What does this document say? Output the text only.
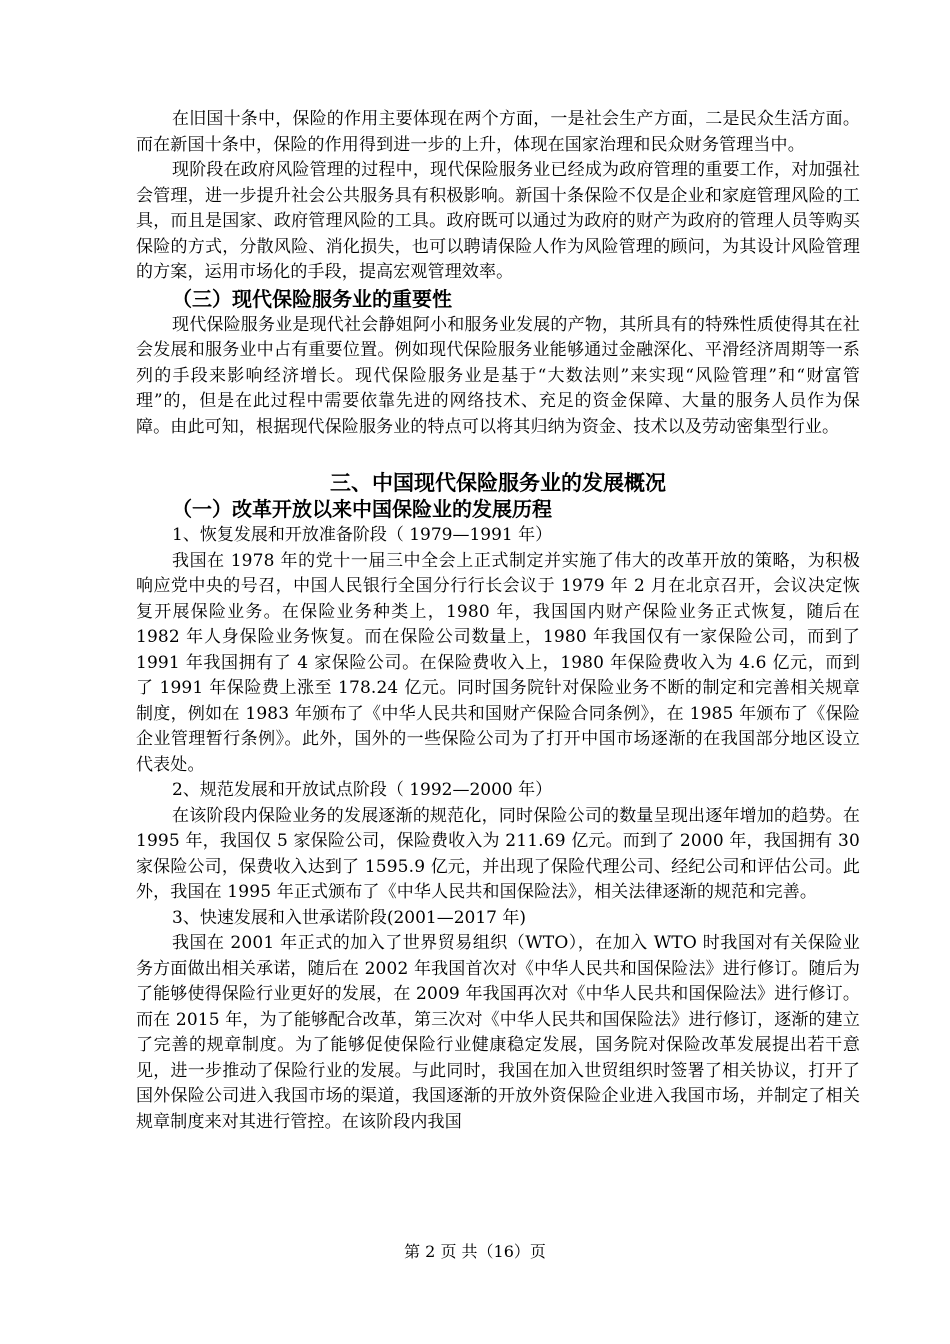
在旧国十条中，保险的作用主要体现在两个方面，一是社会生产方面，二是民众生活方面。而在新国十条中，保险的作用得到进一步的上升，体现在国家治理和民众财务管理当中。

现阶段在政府风险管理的过程中，现代保险服务业已经成为政府管理的重要工作，对加强社会管理，进一步提升社会公共服务具有积极影响。新国十条保险不仅是企业和家庭管理风险的工具，而且是国家、政府管理风险的工具。政府既可以通过为政府的财产为政府的管理人员等购买保险的方式，分散风险、消化损失，也可以聘请保险人作为风险管理的顾问，为其设计风险管理的方案，运用市场化的手段，提高宏观管理效率。

（三）现代保险服务业的重要性

现代保险服务业是现代社会静姐阿小和服务业发展的产物，其所具有的特殊性质使得其在社会发展和服务业中占有重要位置。例如现代保险服务业能够通过金融深化、平滑经济周期等一系列的手段来影响经济增长。现代保险服务业是基于“大数法则”来实现“风险管理”和“财富管理”的，但是在此过程中需要依靠先进的网络技术、充足的资金保障、大量的服务人员作为保障。由此可知，根据现代保险服务业的特点可以将其归纳为资金、技术以及劳动密集型行业。

三、中国现代保险服务业的发展概况
（一）改革开放以来中国保险业的发展历程

1、恢复发展和开放准备阶段（ 1979—1991 年）

我国在 1978 年的党十一届三中全会上正式制定并实施了伟大的改革开放的策略，为积极响应党中央的号召，中国人民银行全国分行行长会议于 1979 年 2 月在北京召开，会议决定恢复开展保险业务。在保险业务种类上，1980 年，我国国内财产保险业务正式恢复，随后在 1982 年人身保险业务恢复。而在保险公司数量上，1980 年我国仅有一家保险公司，而到了 1991 年我国拥有了 4 家保险公司。在保险费收入上，1980 年保险费收入为 4.6 亿元，而到了 1991 年保险费上涨至 178.24 亿元。同时国务院针对保险业务不断的制定和完善相关规章制度，例如在 1983 年颁布了《中华人民共和国财产保险合同条例》，在 1985 年颁布了《保险企业管理暂行条例》。此外，国外的一些保险公司为了打开中国市场逐渐的在我国部分地区设立代表处。

2、规范发展和开放试点阶段（ 1992—2000 年）

在该阶段内保险业务的发展逐渐的规范化，同时保险公司的数量呈现出逐年增加的趋势。在 1995 年，我国仅 5 家保险公司，保险费收入为 211.69 亿元。而到了 2000 年，我国拥有 30 家保险公司，保费收入达到了 1595.9 亿元，并出现了保险代理公司、经纪公司和评估公司。此外，我国在 1995 年正式颁布了《中华人民共和国保险法》，相关法律逐渐的规范和完善。

3、快速发展和入世承诺阶段(2001—2017 年)

我国在 2001 年正式的加入了世界贸易组织（WTO），在加入 WTO 时我国对有关保险业务方面做出相关承诺，随后在 2002 年我国首次对《中华人民共和国保险法》进行修订。随后为了能够使得保险行业更好的发展，在 2009 年我国再次对《中华人民共和国保险法》进行修订。而在 2015 年，为了能够配合改革，第三次对《中华人民共和国保险法》进行修订，逐渐的建立了完善的规章制度。为了能够促使保险行业健康稳定发展，国务院对保险改革发展提出若干意见，进一步推动了保险行业的发展。与此同时，我国在加入世贸组织时签署了相关协议，打开了国外保险公司进入我国市场的渠道，我国逐渐的开放外资保险企业进入我国市场，并制定了相关规章制度来对其进行管控。在该阶段内我国

第 2 页 共（16）页
